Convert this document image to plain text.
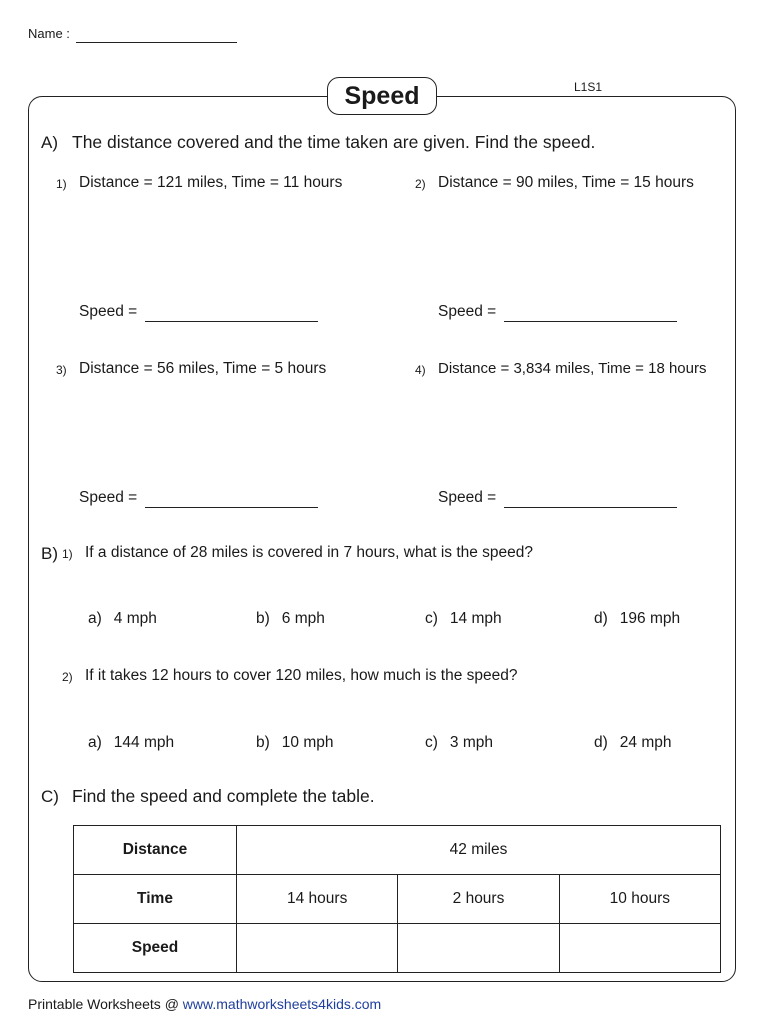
Name :
Speed	L1S1
A) The distance covered and the time taken are given. Find the speed.
1) Distance = 121 miles, Time = 11 hours
Speed =
2) Distance = 90 miles, Time = 15 hours
Speed =
3) Distance = 56 miles, Time = 5 hours
Speed =
4) Distance = 3,834 miles, Time = 18 hours
Speed =
B) 1) If a distance of 28 miles is covered in 7 hours, what is the speed?
a) 4 mph	b) 6 mph	c) 14 mph	d) 196 mph
2) If it takes 12 hours to cover 120 miles, how much is the speed?
a) 144 mph	b) 10 mph	c) 3 mph	d) 24 mph
C) Find the speed and complete the table.
Distance	42 miles		
Time	14 hours	2 hours	10 hours
Speed			
Printable Worksheets @ www.mathworksheets4kids.com
